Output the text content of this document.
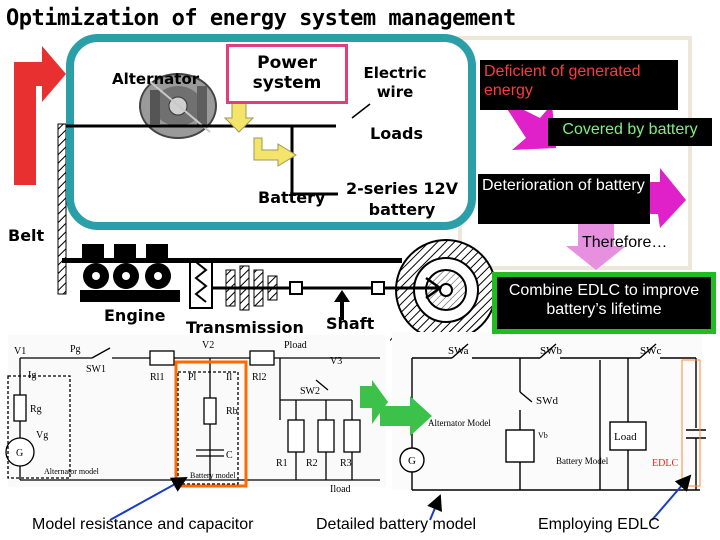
Optimization of energy system management
V1	Pg
SW1
Ig
Rg
Vg
G
Alternator model
V2	Pload
V3
SW2
Rl1	Rl2
Pl	Il
Rb
C
Battery model
R1 R2 R3
Iload
SWa	SWb	SWc
SWd
G
Vb	Load
EDLC
Alternator Model
Battery Model
Power system
Alternator	Electric wire
Loads
Battery	2-series 12V battery
Belt
Engine
Transmission Shaft
Deficient of generated energy
Covered by battery
Deterioration of battery
Therefore…
Combine EDLC to improve battery’s lifetime
Model resistance and capacitor	Detailed battery model	Employing EDLC
